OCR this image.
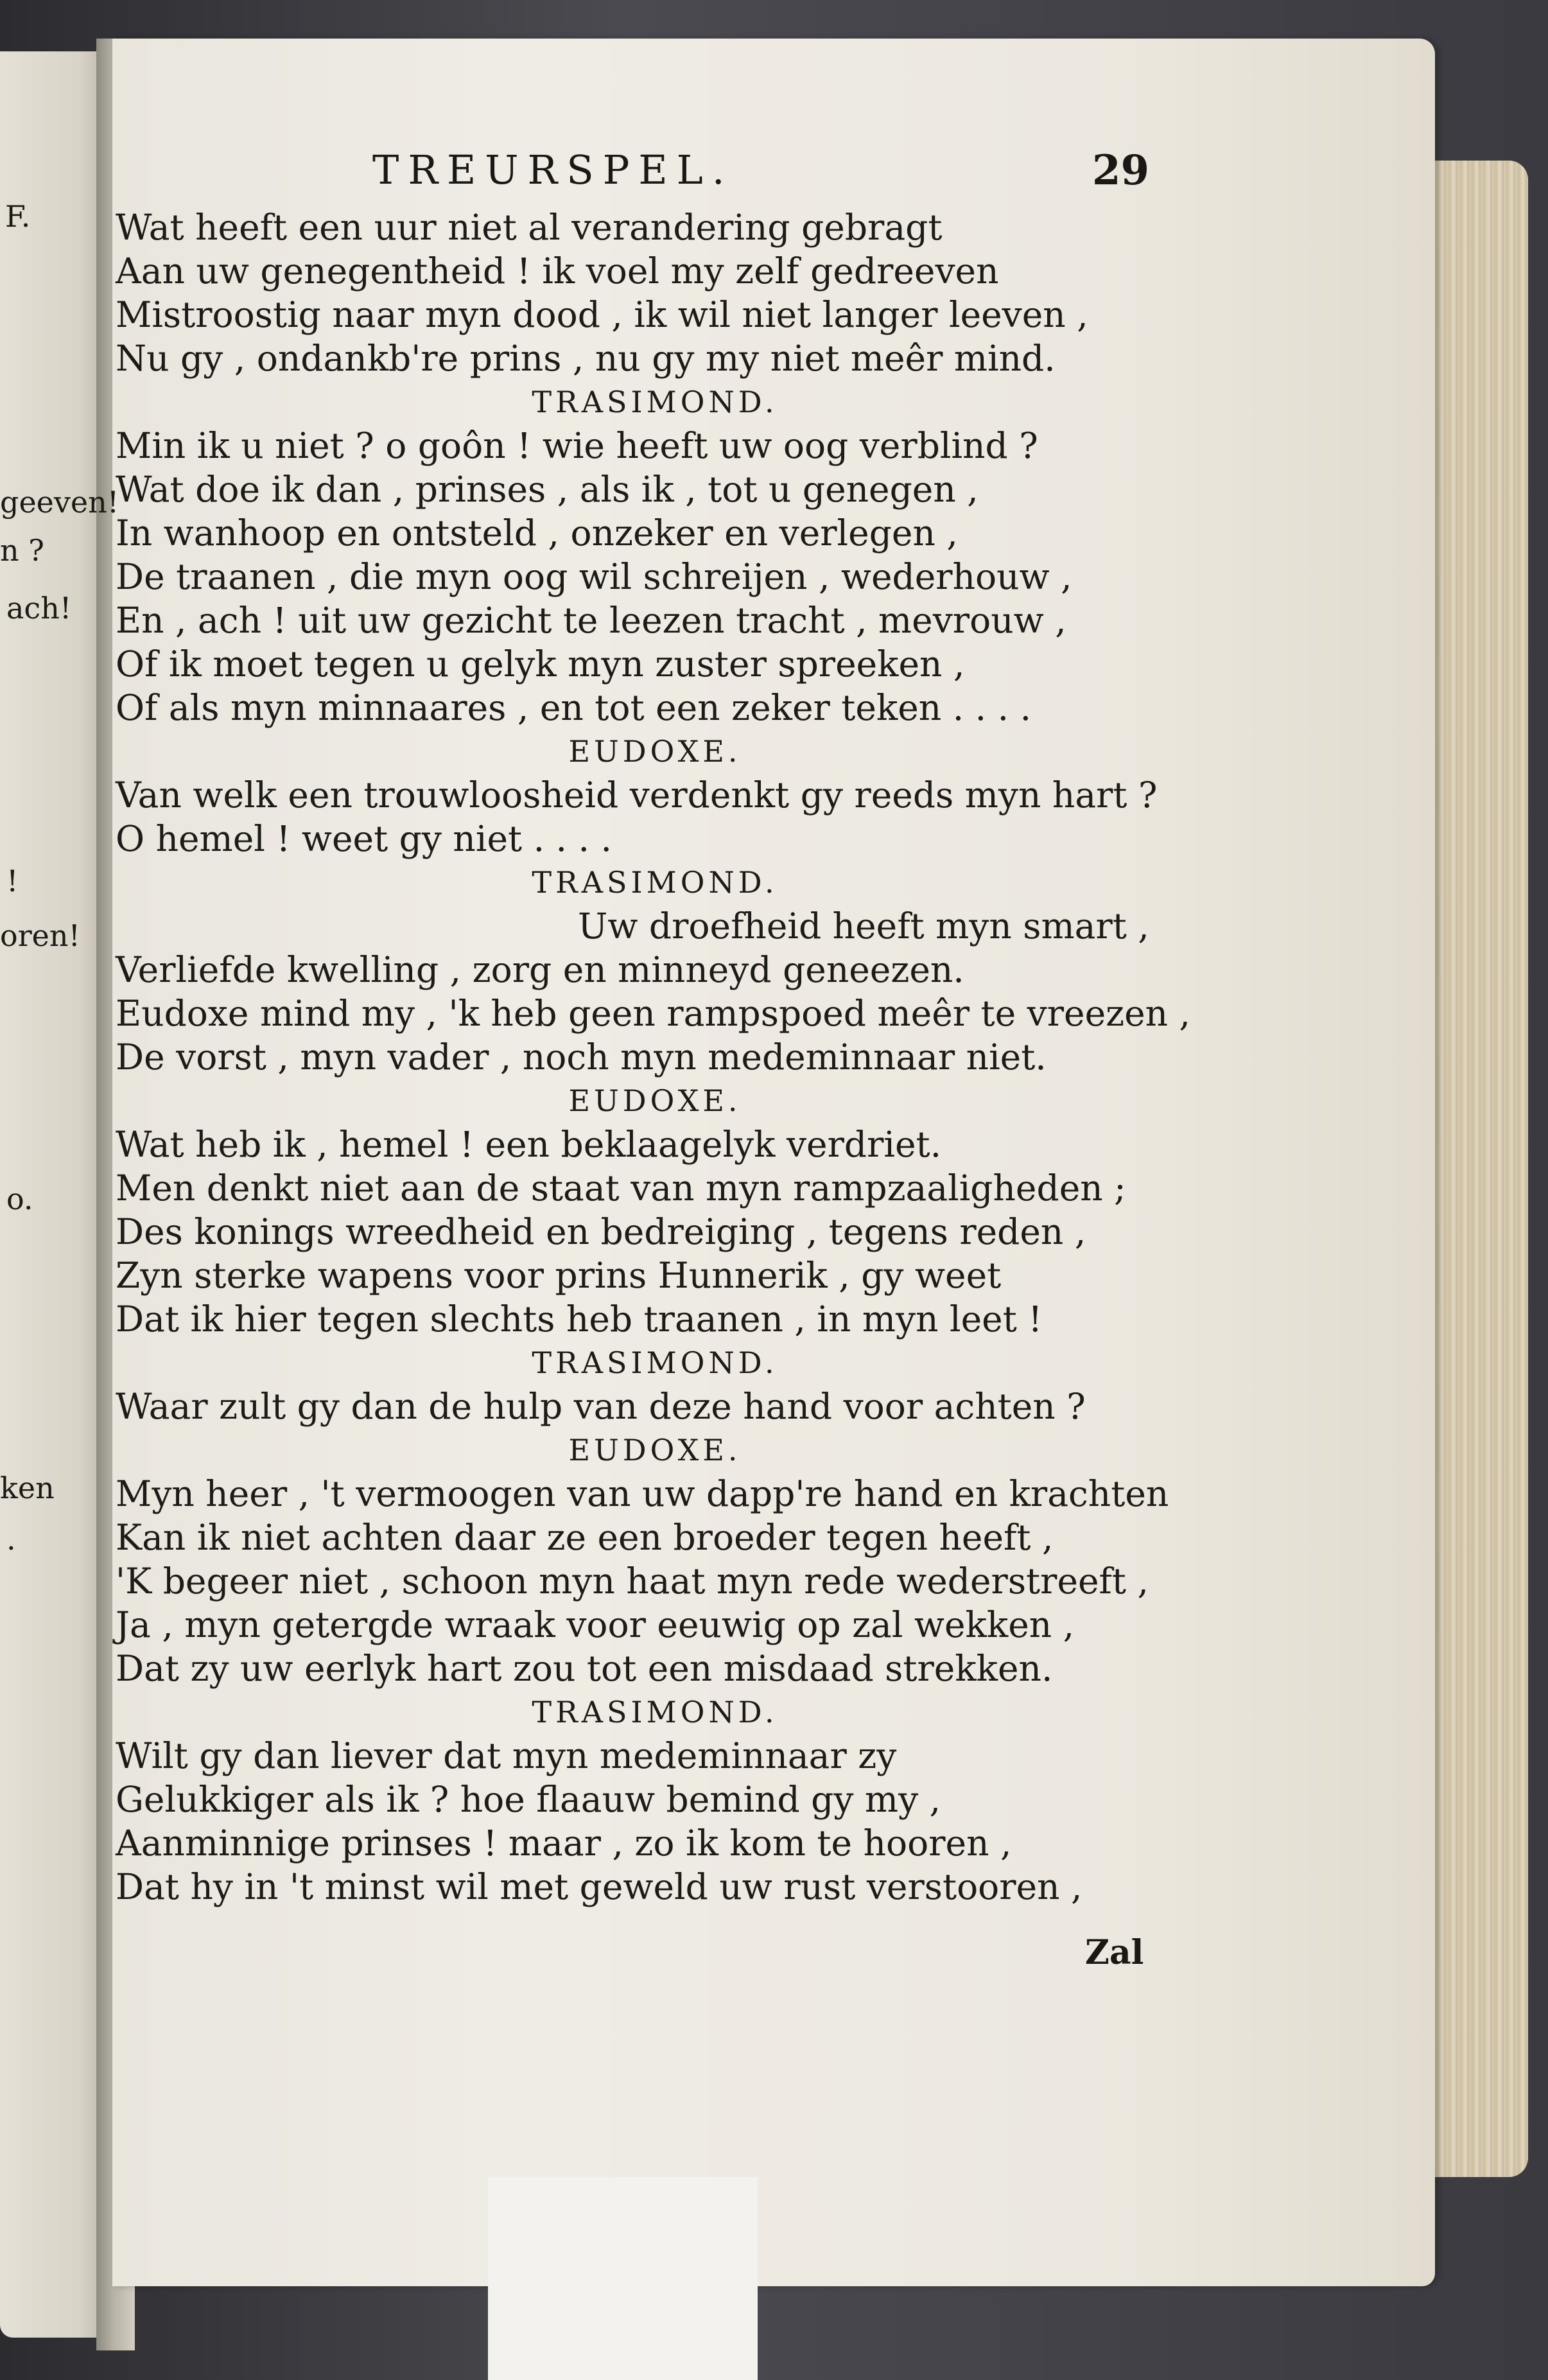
F.
geeven!
n ?
ach!
!
oren!
o.
ken
.
TREURSPEL.	29
Wat heeft een uur niet al verandering gebragt
Aan uw genegentheid ! ik voel my zelf gedreeven
Mistroostig naar myn dood , ik wil niet langer leeven ,
Nu gy , ondankb're prins , nu gy my niet meêr mind.
TRASIMOND.
Min ik u niet ? o goôn ! wie heeft uw oog verblind ?
Wat doe ik dan , prinses , als ik , tot u genegen ,
In wanhoop en ontsteld , onzeker en verlegen ,
De traanen , die myn oog wil schreijen , wederhouw ,
En , ach ! uit uw gezicht te leezen tracht , mevrouw ,
Of ik moet tegen u gelyk myn zuster spreeken ,
Of als myn minnaares , en tot een zeker teken . . . .
EUDOXE.
Van welk een trouwloosheid verdenkt gy reeds myn hart ?
O hemel ! weet gy niet . . . .
TRASIMOND.
Uw droefheid heeft myn smart ,
Verliefde kwelling , zorg en minneyd geneezen.
Eudoxe mind my , 'k heb geen rampspoed meêr te vreezen ,
De vorst , myn vader , noch myn medeminnaar niet.
EUDOXE.
Wat heb ik , hemel ! een beklaagelyk verdriet.
Men denkt niet aan de staat van myn rampzaaligheden ;
Des konings wreedheid en bedreiging , tegens reden ,
Zyn sterke wapens voor prins Hunnerik , gy weet
Dat ik hier tegen slechts heb traanen , in myn leet !
TRASIMOND.
Waar zult gy dan de hulp van deze hand voor achten ?
EUDOXE.
Myn heer , 't vermoogen van uw dapp're hand en krachten
Kan ik niet achten daar ze een broeder tegen heeft ,
'K begeer niet , schoon myn haat myn rede wederstreeft ,
Ja , myn getergde wraak voor eeuwig op zal wekken ,
Dat zy uw eerlyk hart zou tot een misdaad strekken.
TRASIMOND.
Wilt gy dan liever dat myn medeminnaar zy
Gelukkiger als ik ? hoe flaauw bemind gy my ,
Aanminnige prinses ! maar , zo ik kom te hooren ,
Dat hy in 't minst wil met geweld uw rust verstooren ,
Zal
